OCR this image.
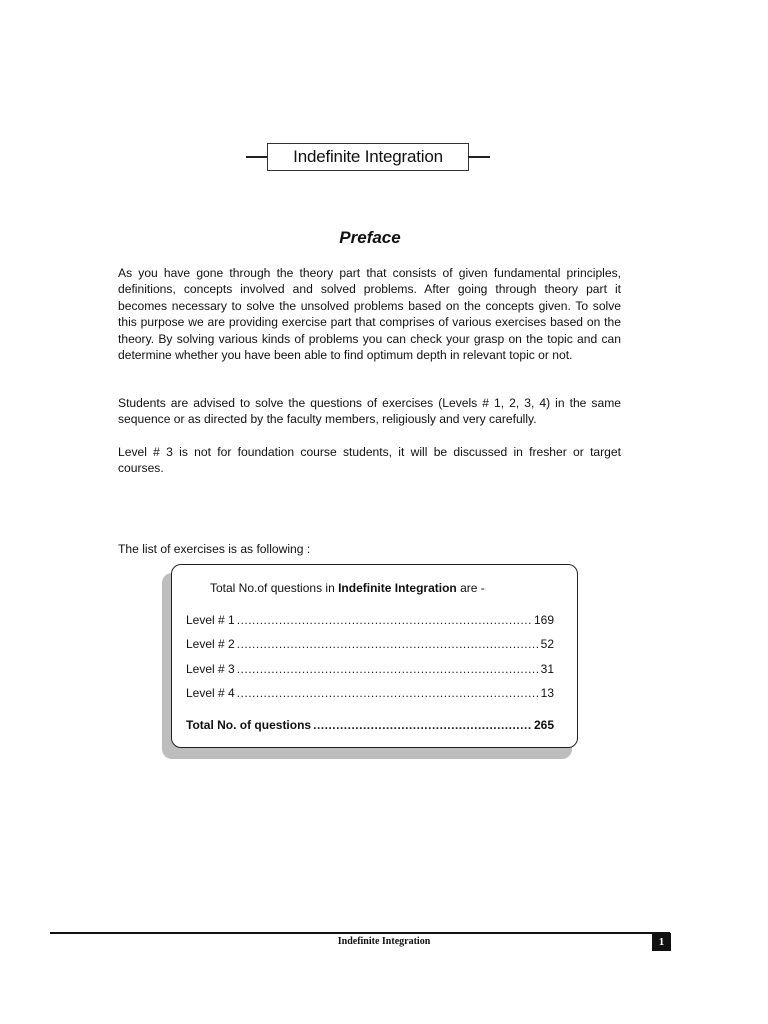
Indefinite Integration
Preface
As you have gone through the theory part that consists of given fundamental principles, definitions, concepts involved and solved problems. After going through theory part it becomes necessary to solve the unsolved problems based on the concepts given. To solve this purpose we are providing exercise part that comprises of various exercises based on the theory. By solving various kinds of problems you can check your grasp on the topic and can determine whether you have been able to find optimum depth in relevant topic or not.
Students are advised to solve the questions of exercises (Levels # 1, 2, 3, 4) in the same sequence or as directed by the faculty members, religiously and very carefully.
Level # 3 is not for foundation course students, it will be discussed in fresher or target courses.
The list of exercises is as following :
Total No.of questions in Indefinite Integration are -
Level # 1 .....	169
Level # 2 .....	52
Level # 3 .....	31
Level # 4 .....	13
Total No. of questions .....	265
Indefinite Integration	1
